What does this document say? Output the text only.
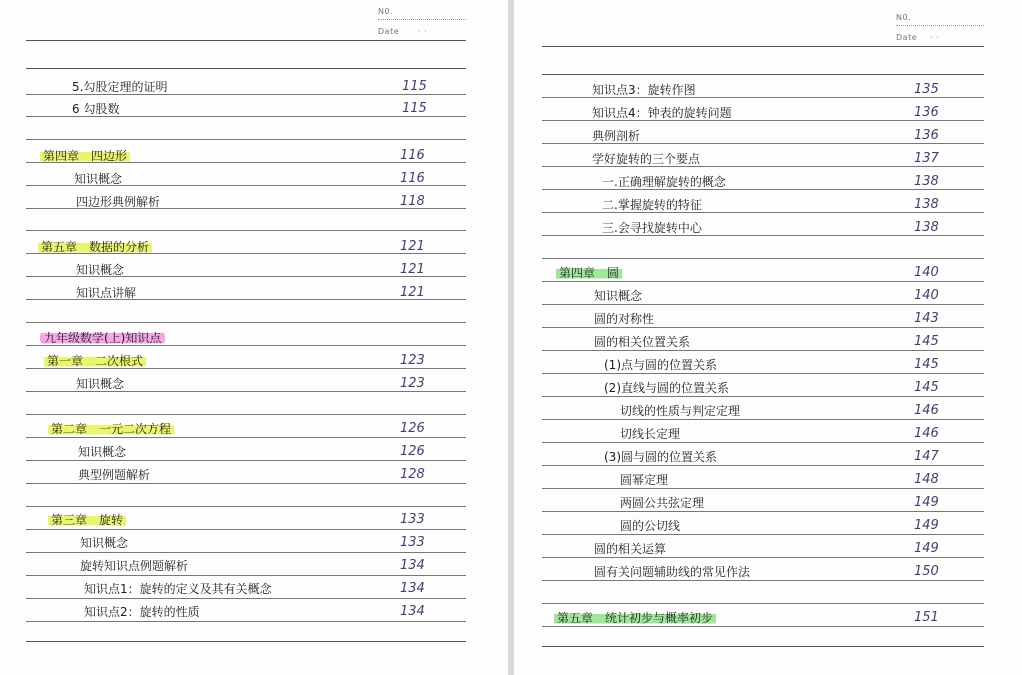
N0.
Date · ·
5.勾股定理的证明	115
6 勾股数	115
第四章　四边形	116
知识概念	116
四边形典例解析	118
第五章　数据的分析	121
知识概念	121
知识点讲解	121
九年级数学(上)知识点
第一章　二次根式	123
知识概念	123
第二章　一元二次方程	126
知识概念	126
典型例题解析	128
第三章　旋转	133
知识概念	133
旋转知识点例题解析	134
知识点1：旋转的定义及其有关概念	134
知识点2：旋转的性质	134
N0.
Date · ·
知识点3：旋转作图	135
知识点4：钟表的旋转问题	136
典例剖析	136
学好旋转的三个要点	137
一.正确理解旋转的概念	138
二.掌握旋转的特征	138
三.会寻找旋转中心	138
第四章　圆	140
知识概念	140
圆的对称性	143
圆的相关位置关系	145
(1)点与圆的位置关系	145
(2)直线与圆的位置关系	145
切线的性质与判定定理	146
切线长定理	146
(3)圆与圆的位置关系	147
圆幂定理	148
两圆公共弦定理	149
圆的公切线	149
圆的相关运算	149
圆有关问题辅助线的常见作法	150
第五章　统计初步与概率初步	151
